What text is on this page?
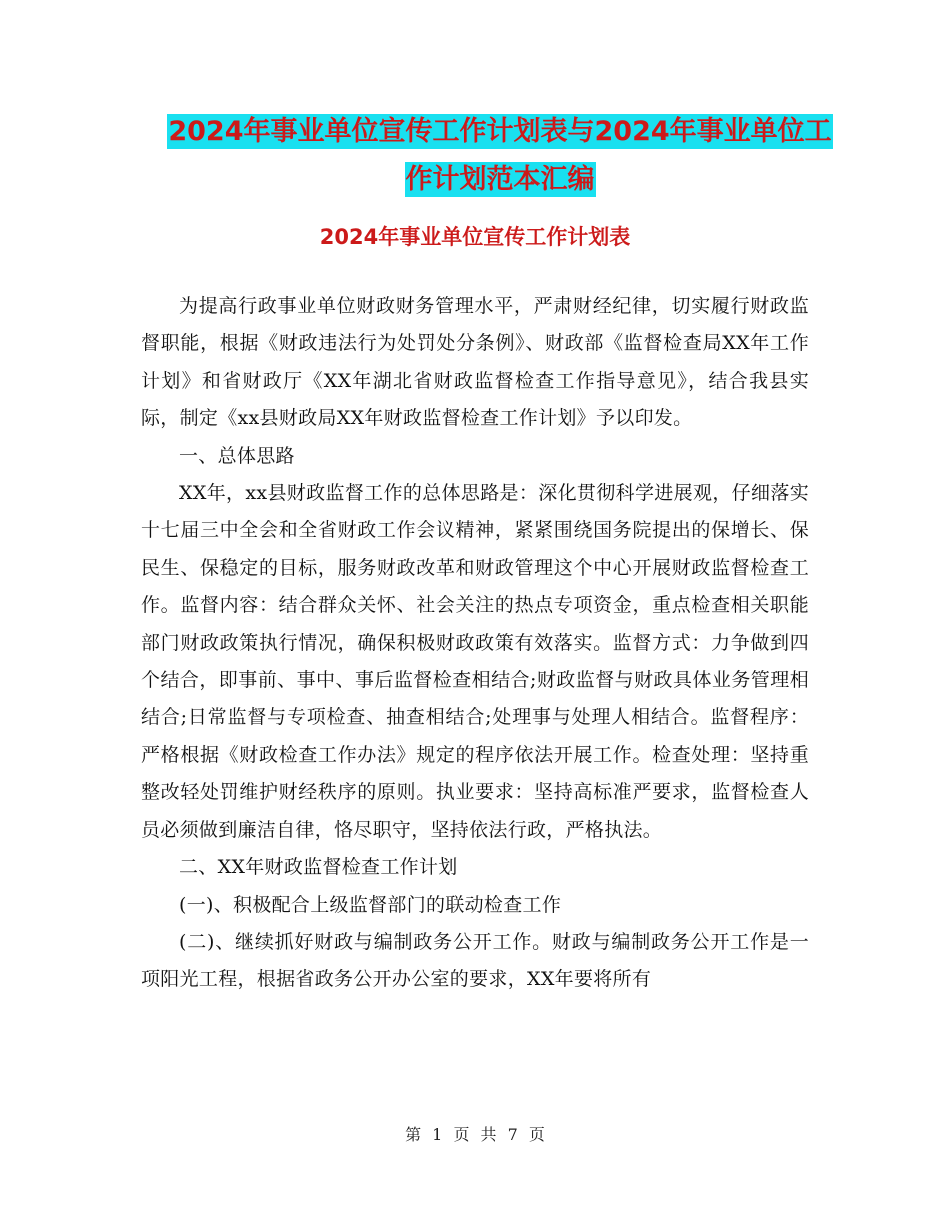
2024年事业单位宣传工作计划表与2024年事业单位工
作计划范本汇编
2024年事业单位宣传工作计划表

为提高行政事业单位财政财务管理水平，严肃财经纪律，切实履行财政监督职能，根据《财政违法行为处罚处分条例》、财政部《监督检查局XX年工作计划》和省财政厅《XX年湖北省财政监督检查工作指导意见》，结合我县实际，制定《xx县财政局XX年财政监督检查工作计划》予以印发。

一、总体思路

XX年，xx县财政监督工作的总体思路是：深化贯彻科学进展观，仔细落实十七届三中全会和全省财政工作会议精神，紧紧围绕国务院提出的保增长、保民生、保稳定的目标，服务财政改革和财政管理这个中心开展财政监督检查工作。监督内容：结合群众关怀、社会关注的热点专项资金，重点检查相关职能部门财政政策执行情况，确保积极财政政策有效落实。监督方式：力争做到四个结合，即事前、事中、事后监督检查相结合;财政监督与财政具体业务管理相结合;日常监督与专项检查、抽查相结合;处理事与处理人相结合。监督程序：严格根据《财政检查工作办法》规定的程序依法开展工作。检查处理：坚持重整改轻处罚维护财经秩序的原则。执业要求：坚持高标准严要求，监督检查人员必须做到廉洁自律，恪尽职守，坚持依法行政，严格执法。

二、XX年财政监督检查工作计划

(一)、积极配合上级监督部门的联动检查工作

(二)、继续抓好财政与编制政务公开工作。财政与编制政务公开工作是一项阳光工程，根据省政务公开办公室的要求，XX年要将所有

第 1 页 共 7 页
